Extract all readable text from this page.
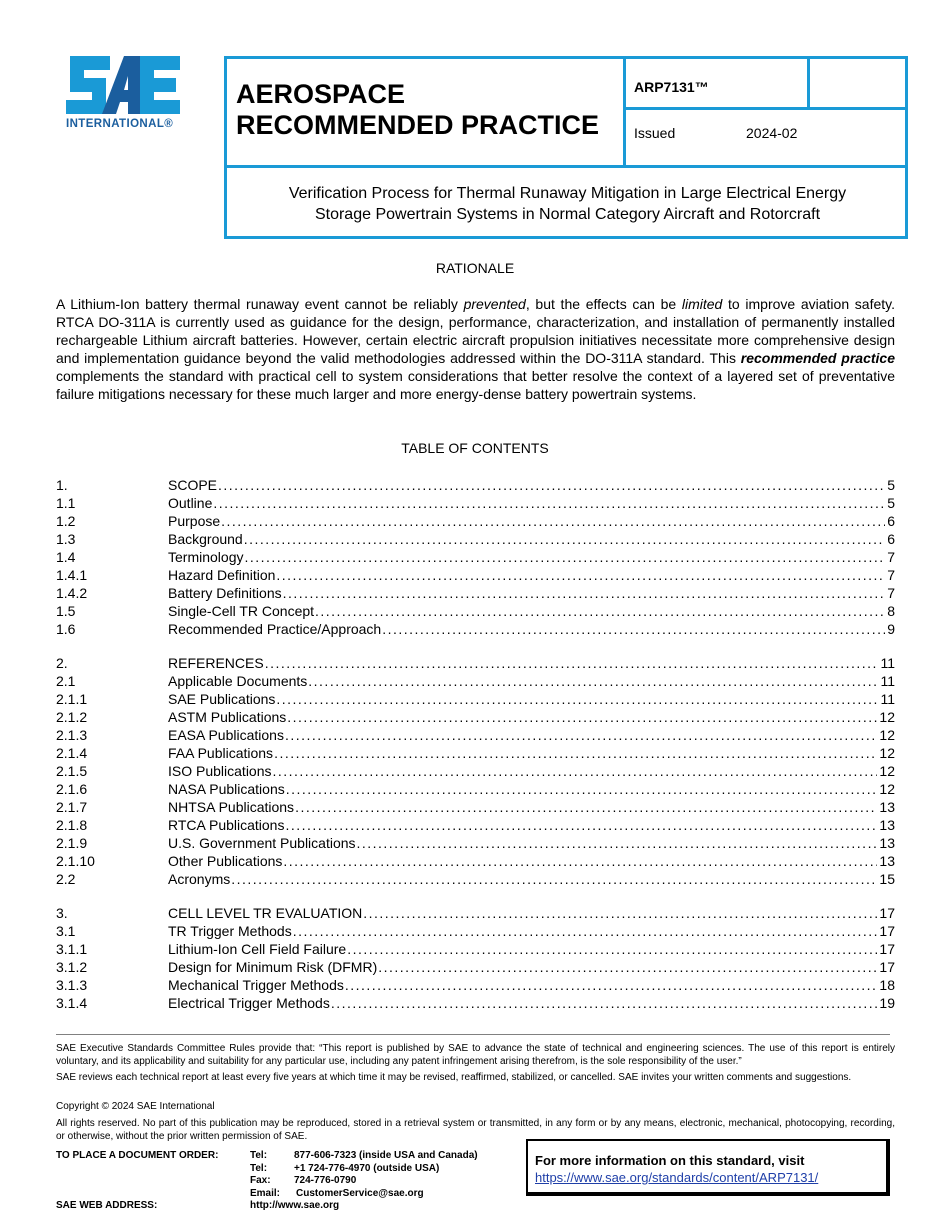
INTERNATIONAL®
AEROSPACE
RECOMMENDED PRACTICE
ARP7131™
Issued	2024-02
Verification Process for Thermal Runaway Mitigation in Large Electrical Energy
Storage Powertrain Systems in Normal Category Aircraft and Rotorcraft
RATIONALE
A Lithium-Ion battery thermal runaway event cannot be reliably prevented, but the effects can be limited to improve aviation safety. RTCA DO-311A is currently used as guidance for the design, performance, characterization, and installation of permanently installed rechargeable Lithium aircraft batteries. However, certain electric aircraft propulsion initiatives necessitate more comprehensive design and implementation guidance beyond the valid methodologies addressed within the DO-311A standard. This recommended practice complements the standard with practical cell to system considerations that better resolve the context of a layered set of preventative failure mitigations necessary for these much larger and more energy-dense battery powertrain systems.
TABLE OF CONTENTS
1.	SCOPE . . .	5
1.1	Outline . . .	5
1.2	Purpose . . .	6
1.3	Background . . .	6
1.4	Terminology . . .	7
1.4.1	Hazard Definition . . .	7
1.4.2	Battery Definitions . . .	7
1.5	Single-Cell TR Concept . . .	8
1.6	Recommended Practice/Approach . . .	9
2.	REFERENCES . . .	11
2.1	Applicable Documents . . .	11
2.1.1	SAE Publications . . .	11
2.1.2	ASTM Publications . . .	12
2.1.3	EASA Publications . . .	12
2.1.4	FAA Publications . . .	12
2.1.5	ISO Publications . . .	12
2.1.6	NASA Publications . . .	12
2.1.7	NHTSA Publications . . .	13
2.1.8	RTCA Publications . . .	13
2.1.9	U.S. Government Publications . . .	13
2.1.10	Other Publications . . .	13
2.2	Acronyms . . .	15
3.	CELL LEVEL TR EVALUATION . . .	17
3.1	TR Trigger Methods . . .	17
3.1.1	Lithium-Ion Cell Field Failure . . .	17
3.1.2	Design for Minimum Risk (DFMR) . . .	17
3.1.3	Mechanical Trigger Methods . . .	18
3.1.4	Electrical Trigger Methods . . .	19
SAE Executive Standards Committee Rules provide that: “This report is published by SAE to advance the state of technical and engineering sciences. The use of this report is entirely voluntary, and its applicability and suitability for any particular use, including any patent infringement arising therefrom, is the sole responsibility of the user.”
SAE reviews each technical report at least every five years at which time it may be revised, reaffirmed, stabilized, or cancelled. SAE invites your written comments and suggestions.
Copyright © 2024 SAE International
All rights reserved. No part of this publication may be reproduced, stored in a retrieval system or transmitted, in any form or by any means, electronic, mechanical, photocopying, recording, or otherwise, without the prior written permission of SAE.
TO PLACE A DOCUMENT ORDER:	Tel:	877-606-7323 (inside USA and Canada)
Tel:	+1 724-776-4970 (outside USA)
Fax: 724-776-0790
Email: CustomerService@sae.org
SAE WEB ADDRESS:	http://www.sae.org
For more information on this standard, visit
https://www.sae.org/standards/content/ARP7131/
